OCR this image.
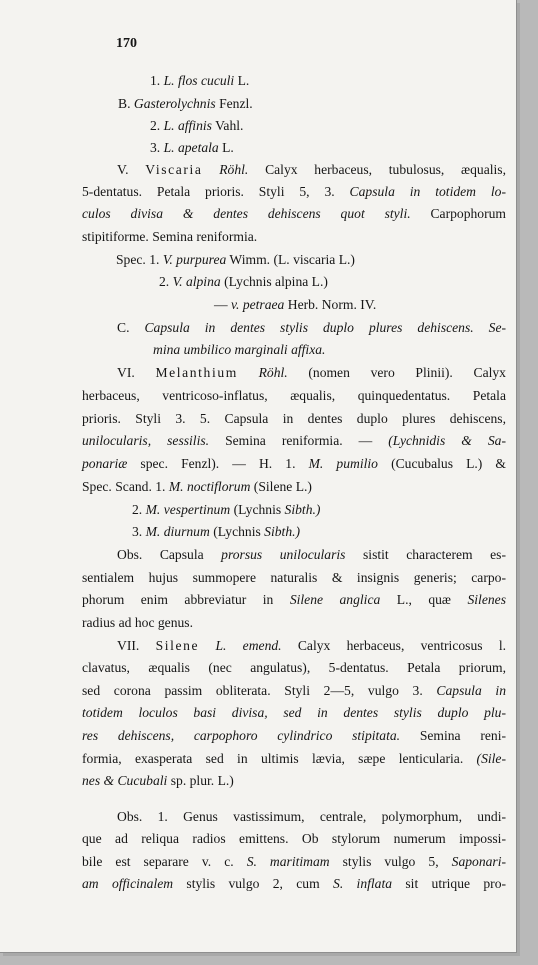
170
1. L. flos cuculi L.
B. Gasterolychnis Fenzl.
2. L. affinis Vahl.
3. L. apetala L.
V. Viscaria Röhl. Calyx herbaceus, tubulosus, æqualis,
5-dentatus. Petala prioris. Styli 5, 3. Capsula in totidem lo-
culos divisa & dentes dehiscens quot styli. Carpophorum
stipitiforme. Semina reniformia.
Spec. 1. V. purpurea Wimm. (L. viscaria L.)
2. V. alpina (Lychnis alpina L.)
— v. petraea Herb. Norm. IV.
C. Capsula in dentes stylis duplo plures dehiscens. Se-
mina umbilico marginali affixa.
VI. Melanthium Röhl. (nomen vero Plinii). Calyx
herbaceus, ventricoso-inflatus, æqualis, quinquedentatus. Petala
prioris. Styli 3. 5. Capsula in dentes duplo plures dehiscens,
unilocularis, sessilis. Semina reniformia. — (Lychnidis & Sa-
ponariæ spec. Fenzl). — H. 1. M. pumilio (Cucubalus L.) &
Spec. Scand. 1. M. noctiflorum (Silene L.)
2. M. vespertinum (Lychnis Sibth.)
3. M. diurnum (Lychnis Sibth.)
Obs. Capsula prorsus unilocularis sistit characterem es-
sentialem hujus summopere naturalis & insignis generis; carpo-
phorum enim abbreviatur in Silene anglica L., quæ Silenes
radius ad hoc genus.
VII. Silene L. emend. Calyx herbaceus, ventricosus l.
clavatus, æqualis (nec angulatus), 5-dentatus. Petala priorum,
sed corona passim obliterata. Styli 2—5, vulgo 3. Capsula in
totidem loculos basi divisa, sed in dentes stylis duplo plu-
res dehiscens, carpophoro cylindrico stipitata. Semina reni-
formia, exasperata sed in ultimis lævia, sæpe lenticularia. (Sile-
nes & Cucubali sp. plur. L.)
Obs. 1. Genus vastissimum, centrale, polymorphum, undi-
que ad reliqua radios emittens. Ob stylorum numerum impossi-
bile est separare v. c. S. maritimam stylis vulgo 5, Saponari-
am officinalem stylis vulgo 2, cum S. inflata sit utrique pro-
